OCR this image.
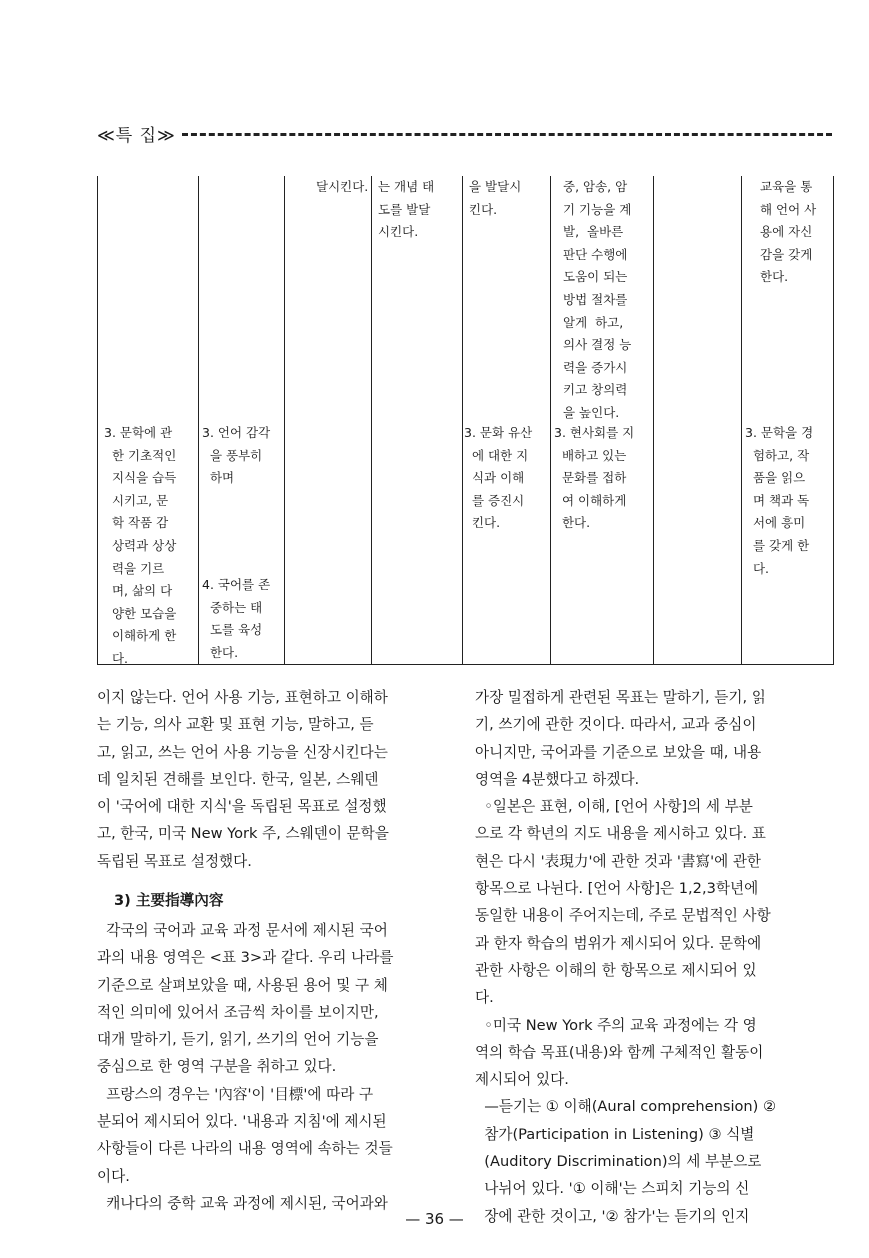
≪특 집≫
달시킨다. 는 개념 태
도를 발달
시킨다.
을 발달시
킨다.
중, 암송, 암
기 기능을 계
발,  올바른
판단 수행에
도움이 되는
방법 절차를
알게  하고,
의사 결정 능
력을 증가시
키고 창의력
을 높인다.
교육을 통
해 언어 사
용에 자신
감을 갖게
한다.
3. 문학에 관
한 기초적인
지식을 습득
시키고, 문
학 작품 감
상력과 상상
력을 기르
며, 삶의 다
양한 모습을
이해하게 한
다.
3. 언어 감각
을 풍부히
하며
4. 국어를 존
중하는 태
도를 육성
한다.
3. 문화 유산
에 대한 지
식과 이해
를 증진시
킨다.
3. 현사회를 지
배하고 있는
문화를 접하
여 이해하게
한다.
3. 문학을 경
험하고, 작
품을 읽으
며 책과 독
서에 흥미
를 갖게 한
다.
이지 않는다. 언어 사용 기능, 표현하고 이해하
는 기능, 의사 교환 및 표현 기능, 말하고, 듣
고, 읽고, 쓰는 언어 사용 기능을 신장시킨다는
데 일치된 견해를 보인다. 한국, 일본, 스웨덴
이 '국어에 대한 지식'을 독립된 목표로 설정했
고, 한국, 미국 New York 주, 스웨덴이 문학을
독립된 목표로 설정했다.
3) 主要指導內容
각국의 국어과 교육 과정 문서에 제시된 국어
과의 내용 영역은 <표 3>과 같다. 우리 나라를
기준으로 살펴보았을 때, 사용된 용어 및 구 체
적인 의미에 있어서 조금씩 차이를 보이지만,
대개 말하기, 듣기, 읽기, 쓰기의 언어 기능을
중심으로 한 영역 구분을 취하고 있다.
프랑스의 경우는 '內容'이 '目標'에 따라 구
분되어 제시되어 있다. '내용과 지침'에 제시된
사항들이 다른 나라의 내용 영역에 속하는 것들
이다.
캐나다의 중학 교육 과정에 제시된, 국어과와
가장 밀접하게 관련된 목표는 말하기, 듣기, 읽
기, 쓰기에 관한 것이다. 따라서, 교과 중심이
아니지만, 국어과를 기준으로 보았을 때, 내용
영역을 4분했다고 하겠다.
◦일본은 표현, 이해, [언어 사항]의 세 부분
으로 각 학년의 지도 내용을 제시하고 있다. 표
현은 다시 '表現力'에 관한 것과 '書寫'에 관한
항목으로 나뉜다. [언어 사항]은 1,2,3학년에
동일한 내용이 주어지는데, 주로 문법적인 사항
과 한자 학습의 범위가 제시되어 있다. 문학에
관한 사항은 이해의 한 항목으로 제시되어 있
다.
◦미국 New York 주의 교육 과정에는 각 영
역의 학습 목표(내용)와 함께 구체적인 활동이
제시되어 있다.
—듣기는 ① 이해(Aural comprehension) ②
참가(Participation in Listening) ③ 식별
(Auditory Discrimination)의 세 부분으로
나뉘어 있다. '① 이해'는 스피치 기능의 신
장에 관한 것이고, '② 참가'는 듣기의 인지
— 36 —
